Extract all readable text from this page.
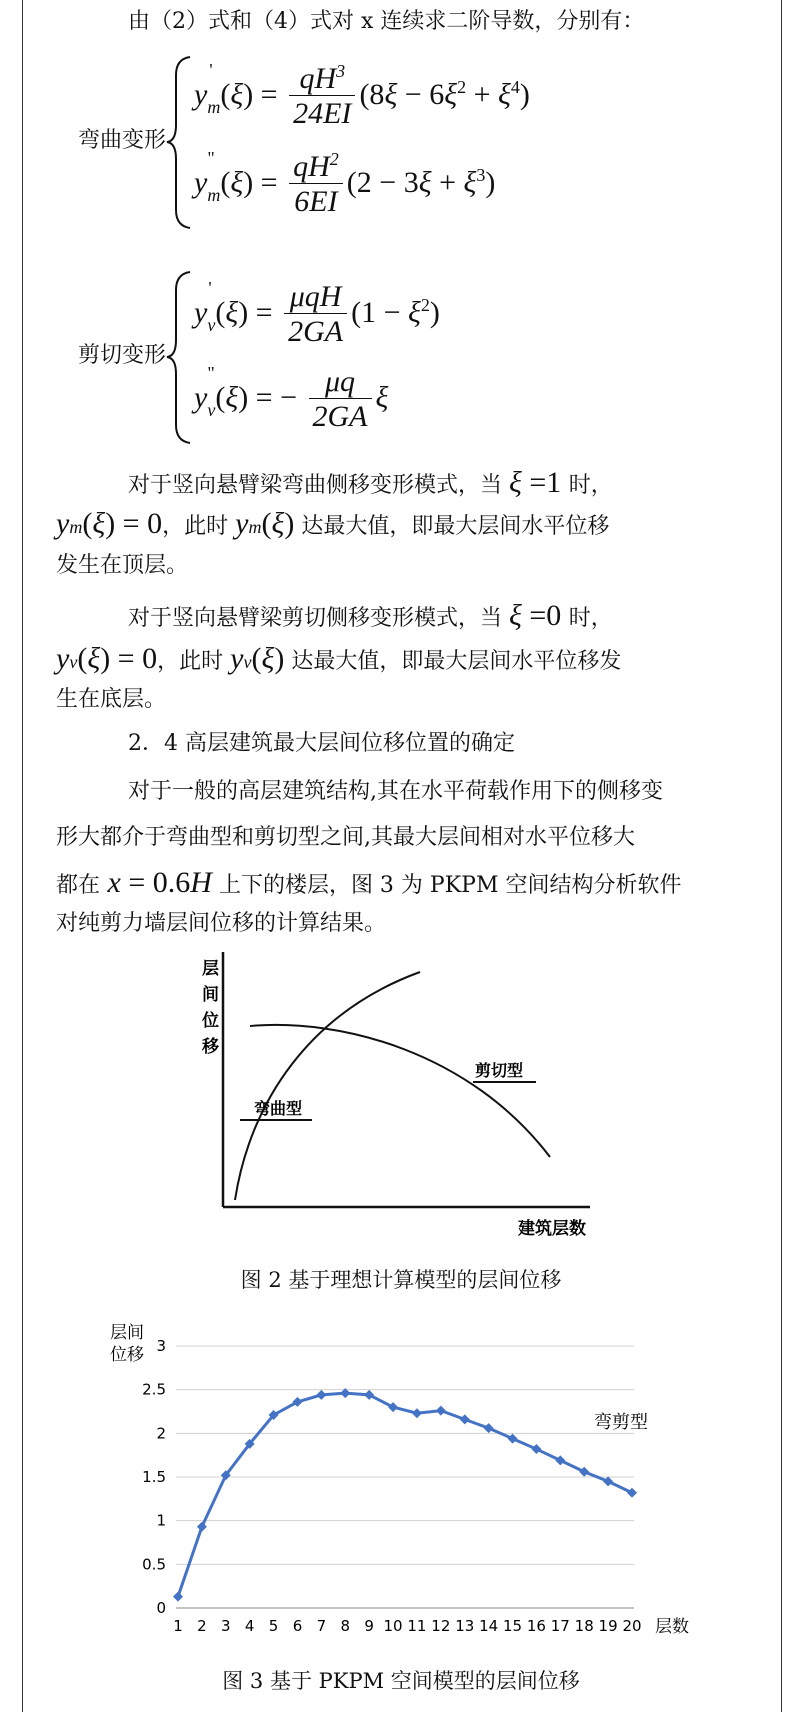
由（2）式和（4）式对 x 连续求二阶导数，分别有：
弯曲变形
$y_m$
'
$(\xi) = \frac{qH^3}{24EI} (8\xi - 6\xi^2 + \xi^4)$
$y_m$
"
$(\xi) = \frac{qH^2}{6EI} (2 - 3\xi + \xi^3)$
剪切变形
$y_v$
'
$(\xi) = \frac{\text{μqH}}{2GA} (1 - \xi^2)$
$y_v$
"
(ξ) = − $\frac{\mu q}{2GA}$ ξ
对于竖向悬臂梁弯曲侧移变形模式，当 ξ =1 时，
ym(ξ) = 0，此时 ym(ξ) 达最大值，即最大层间水平位移
发生在顶层。
对于竖向悬臂梁剪切侧移变形模式，当 ξ =0 时，
yv(ξ) = 0，此时 yv(ξ) 达最大值，即最大层间水平位移发
生在底层。
2．4 高层建筑最大层间位移位置的确定
对于一般的高层建筑结构,其在水平荷载作用下的侧移变
形大都介于弯曲型和剪切型之间,其最大层间相对水平位移大
都在 x = 0.6H 上下的楼层，图 3 为 PKPM 空间结构分析软件
对纯剪力墙层间位移的计算结果。
层
间
位
移
弯曲型
剪切型
建筑层数
图 2 基于理想计算模型的层间位移
0
0.5
1
1.5
2
2.5
3
1 2 3 4 5 6 7 8 9 10 11 12 13 14 15 16 17 18 19 20
弯剪型
层数
层间
位移
图 3 基于 PKPM 空间模型的层间位移
